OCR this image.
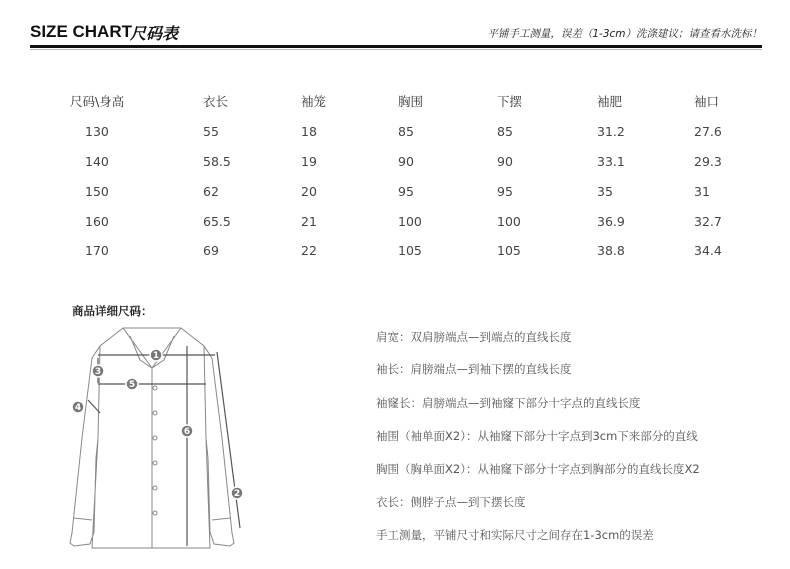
SIZE CHART
尺码表	平铺手工测量，误差（1-3cm）洗涤建议；请查看水洗标！
尺码\身高	衣长	袖笼	胸围	下摆	袖肥	袖口
130	55	18	85	85	31.2	27.6
140	58.5	19	90	90	33.1	29.3
150	62	20	95	95	35	31
160	65.5	21	100	100	36.9	32.7
170	69	22	105	105	38.8	34.4
商品详细尺码：
1
2
3
4
5
6
肩宽：双肩膀端点—到端点的直线长度
袖长：肩膀端点—到袖下摆的直线长度
袖窿长：肩膀端点—到袖窿下部分十字点的直线长度
袖围（袖单面X2）：从袖窿下部分十字点到3cm下来部分的直线
胸围（胸单面X2）：从袖窿下部分十字点到胸部分的直线长度X2
衣长：侧脖子点—到下摆长度
手工测量，平铺尺寸和实际尺寸之间存在1-3cm的误差
